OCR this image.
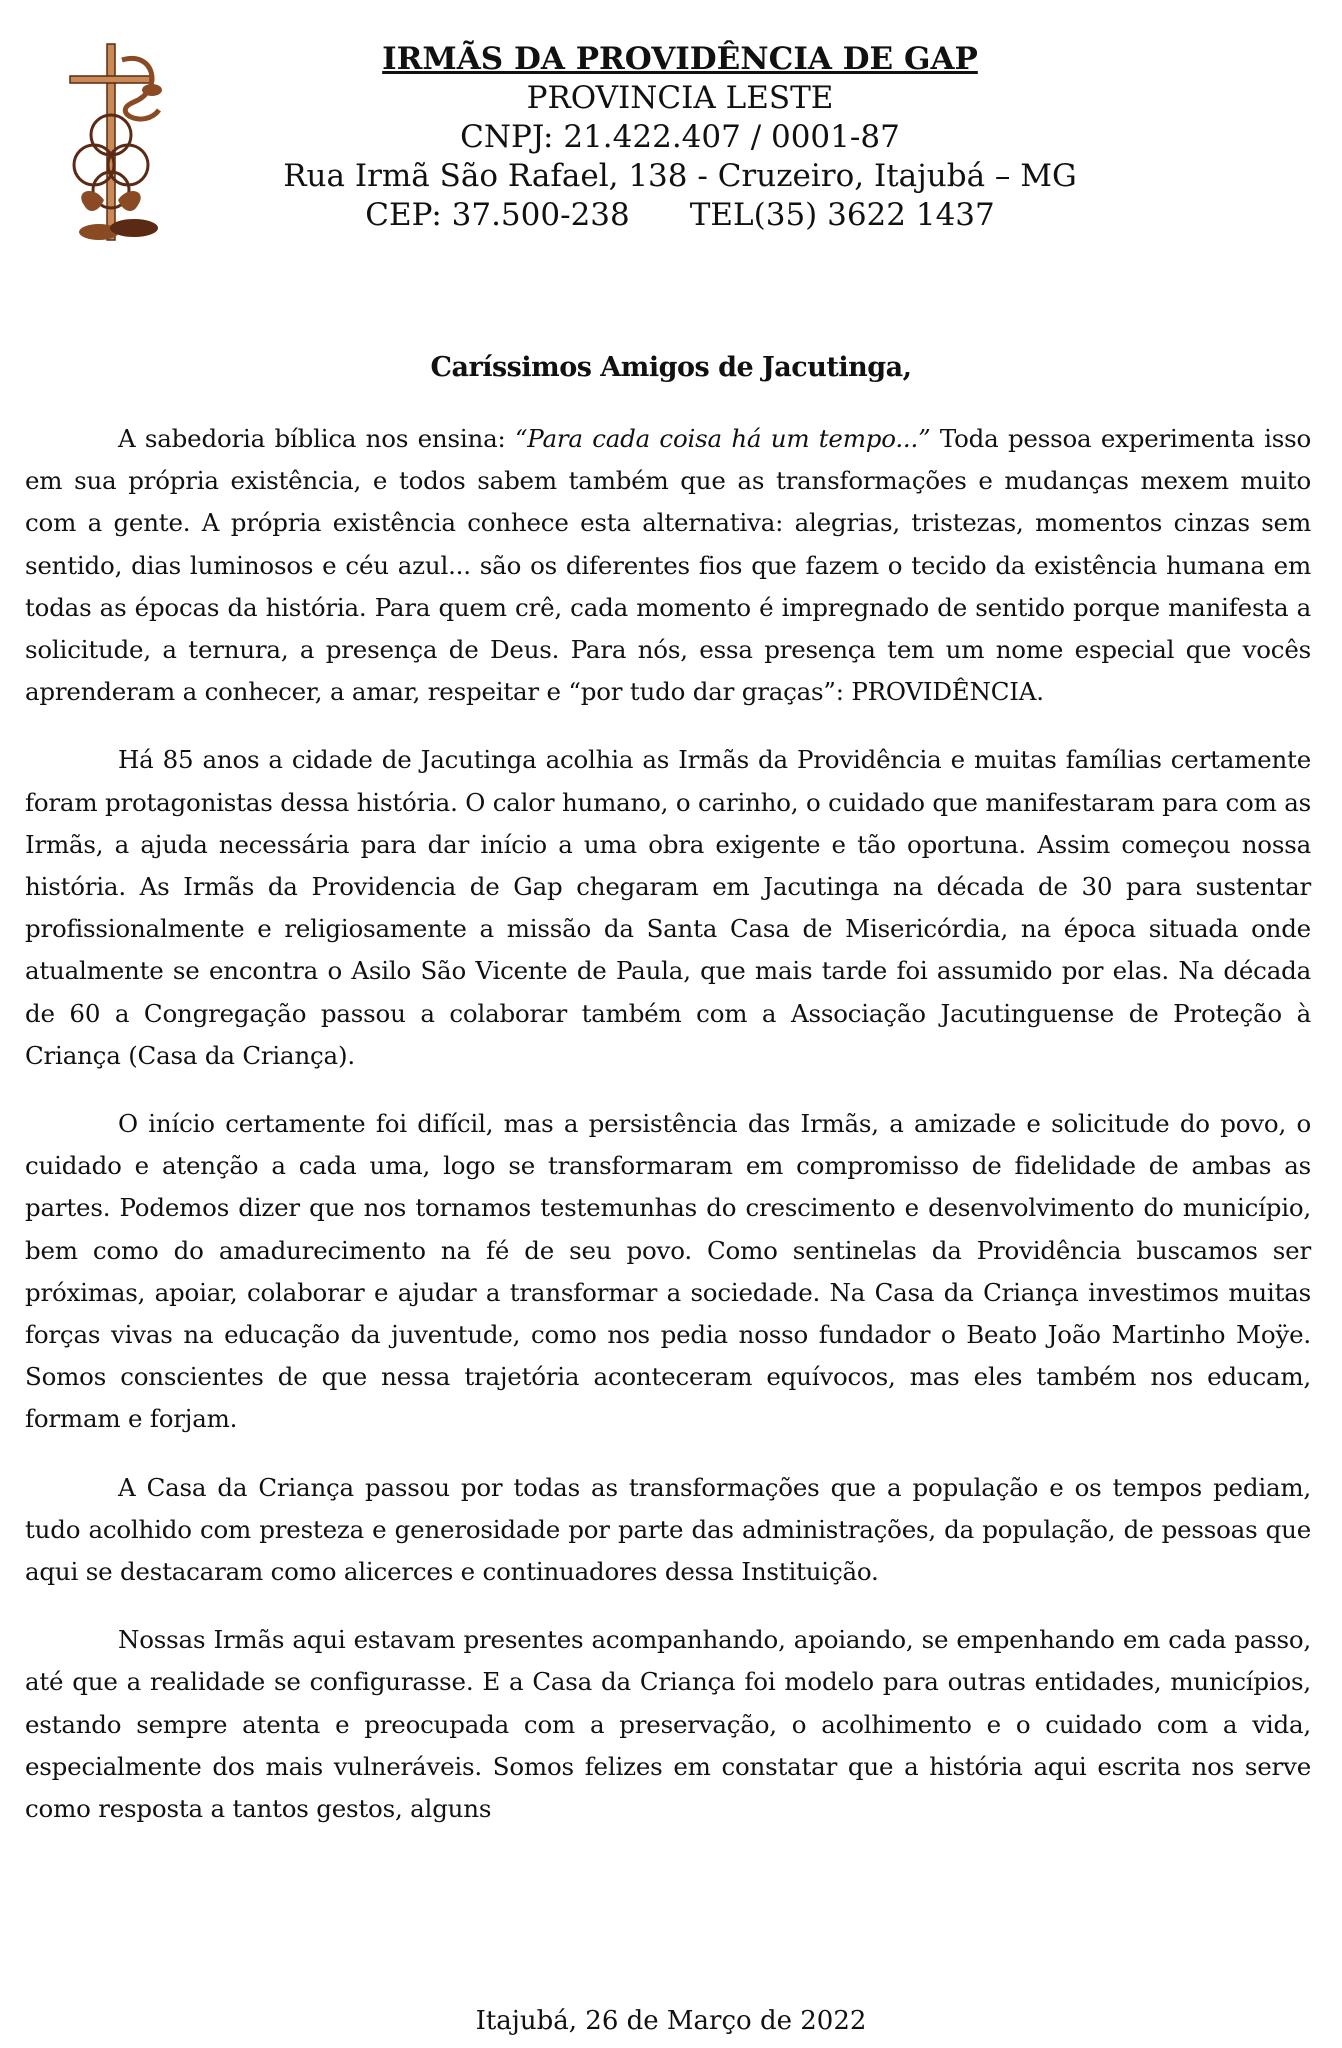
IRMÃS DA PROVIDÊNCIA DE GAP
PROVINCIA LESTE
CNPJ: 21.422.407 / 0001-87
Rua Irmã São Rafael, 138 - Cruzeiro, Itajubá – MG
CEP: 37.500-238 TEL(35) 3622 1437
Caríssimos Amigos de Jacutinga,

A sabedoria bíblica nos ensina: “Para cada coisa há um tempo...” Toda pessoa experimenta isso em sua própria existência, e todos sabem também que as transformações e mudanças mexem muito com a gente. A própria existência conhece esta alternativa: alegrias, tristezas, momentos cinzas sem sentido, dias luminosos e céu azul... são os diferentes fios que fazem o tecido da existência humana em todas as épocas da história. Para quem crê, cada momento é impregnado de sentido porque manifesta a solicitude, a ternura, a presença de Deus. Para nós, essa presença tem um nome especial que vocês aprenderam a conhecer, a amar, respeitar e “por tudo dar graças”: PROVIDÊNCIA.

Há 85 anos a cidade de Jacutinga acolhia as Irmãs da Providência e muitas famílias certamente foram protagonistas dessa história. O calor humano, o carinho, o cuidado que manifestaram para com as Irmãs, a ajuda necessária para dar início a uma obra exigente e tão oportuna. Assim começou nossa história. As Irmãs da Providencia de Gap chegaram em Jacutinga na década de 30 para sustentar profissionalmente e religiosamente a missão da Santa Casa de Misericórdia, na época situada onde atualmente se encontra o Asilo São Vicente de Paula, que mais tarde foi assumido por elas. Na década de 60 a Congregação passou a colaborar também com a Associação Jacutinguense de Proteção à Criança (Casa da Criança).

O início certamente foi difícil, mas a persistência das Irmãs, a amizade e solicitude do povo, o cuidado e atenção a cada uma, logo se transformaram em compromisso de fidelidade de ambas as partes. Podemos dizer que nos tornamos testemunhas do crescimento e desenvolvimento do município, bem como do amadurecimento na fé de seu povo. Como sentinelas da Providência buscamos ser próximas, apoiar, colaborar e ajudar a transformar a sociedade. Na Casa da Criança investimos muitas forças vivas na educação da juventude, como nos pedia nosso fundador o Beato João Martinho Moÿe. Somos conscientes de que nessa trajetória aconteceram equívocos, mas eles também nos educam, formam e forjam.

A Casa da Criança passou por todas as transformações que a população e os tempos pediam, tudo acolhido com presteza e generosidade por parte das administrações, da população, de pessoas que aqui se destacaram como alicerces e continuadores dessa Instituição.

Nossas Irmãs aqui estavam presentes acompanhando, apoiando, se empenhando em cada passo, até que a realidade se configurasse. E a Casa da Criança foi modelo para outras entidades, municípios, estando sempre atenta e preocupada com a preservação, o acolhimento e o cuidado com a vida, especialmente dos mais vulneráveis. Somos felizes em constatar que a história aqui escrita nos serve como resposta a tantos gestos, alguns

Itajubá, 26 de Março de 2022
